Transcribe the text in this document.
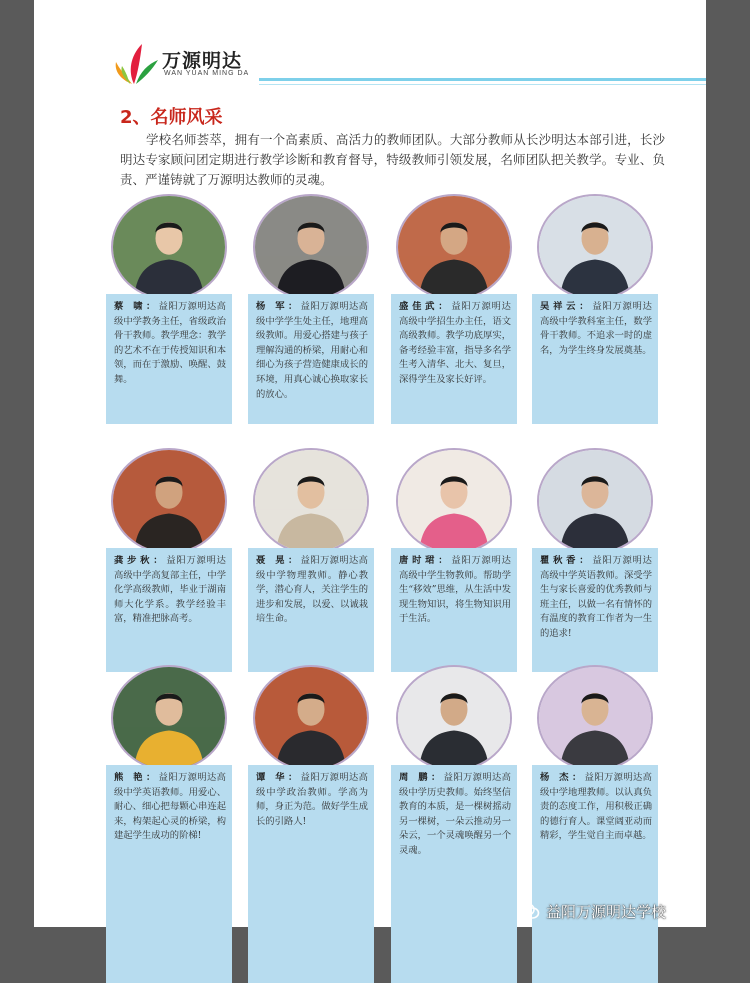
万源明达
WAN YUAN MING DA
2、名师风采
学校名师荟萃，拥有一个高素质、高活力的教师团队。大部分教师从长沙明达本部引进，长沙明达专家顾问团定期进行教学诊断和教育督导，特级教师引领发展，名师团队把关教学。专业、负责、严谨铸就了万源明达教师的灵魂。
蔡 啸：益阳万源明达高级中学教务主任，省级政治骨干教师。教学理念：教学的艺术不在于传授知识和本领，而在于激励、唤醒、鼓舞。
杨 军：益阳万源明达高级中学学生处主任，地理高级教师。用爱心搭建与孩子理解沟通的桥梁，用耐心和细心为孩子营造健康成长的环境，用真心诚心换取家长的放心。
盛佳武：益阳万源明达高级中学招生办主任，语文高级教师。教学功底厚实，备考经验丰富，指导多名学生考入清华、北大、复旦，深得学生及家长好评。
吴祥云：益阳万源明达高级中学教科室主任，数学骨干教师。不追求一时的虚名，为学生终身发展奠基。
龚步秋：益阳万源明达高级中学高复部主任，中学化学高级教师，毕业于湖南师大化学系。教学经验丰富，精准把脉高考。
聂 晃：益阳万源明达高级中学物理教师。静心教学，潜心育人，关注学生的进步和发展，以爱、以诚栽培生命。
唐时珺：益阳万源明达高级中学生物教师。帮助学生“移效”思维，从生活中发现生物知识，将生物知识用于生活。
瞿秋香：益阳万源明达高级中学英语教师。深受学生与家长喜爱的优秀教师与班主任，以做一名有情怀的有温度的教育工作者为一生的追求!
熊 艳：益阳万源明达高级中学英语教师。用爱心、耐心、细心把每颗心串连起来，构架起心灵的桥梁，构建起学生成功的阶梯!
谭 华：益阳万源明达高级中学政治教师。学高为师，身正为范。做好学生成长的引路人!
周 鹏：益阳万源明达高级中学历史教师。始终坚信教育的本质，是一棵树摇动另一棵树，一朵云推动另一朵云，一个灵魂唤醒另一个灵魂。
杨 杰：益阳万源明达高级中学地理教师。以认真负责的态度工作，用积极正确的德行育人。课堂阔亚动而精彩，学生觉自主而卓越。
益阳万源明达学校
